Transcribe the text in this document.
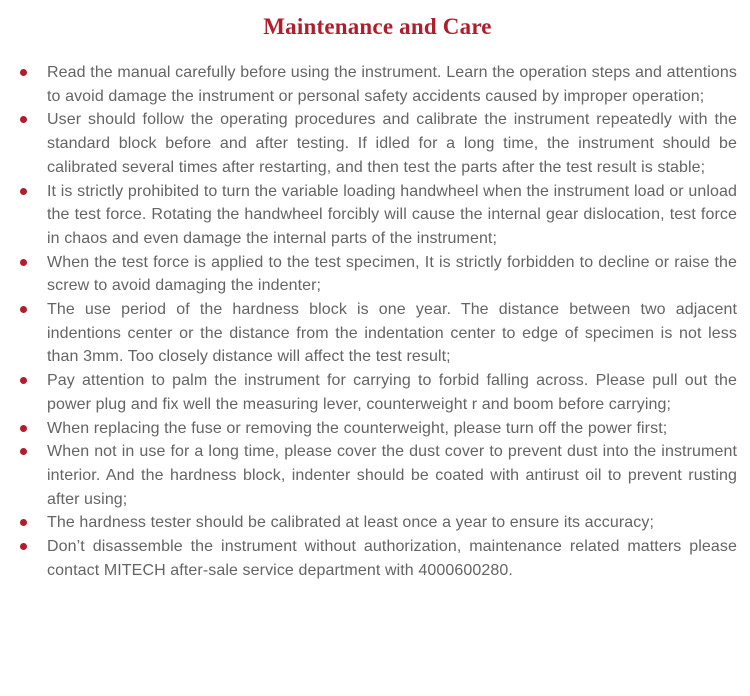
Maintenance and Care
Read the manual carefully before using the instrument. Learn the operation steps and attentions to avoid damage the instrument or personal safety accidents caused by improper operation;
User should follow the operating procedures and calibrate the instrument repeatedly with the standard block before and after testing. If idled for a long time, the instrument should be calibrated several times after restarting, and then test the parts after the test result is stable;
It is strictly prohibited to turn the variable loading handwheel when the instrument load or unload the test force. Rotating the handwheel forcibly will cause the internal gear dislocation, test force in chaos and even damage the internal parts of the instrument;
When the test force is applied to the test specimen, It is strictly forbidden to decline or raise the screw to avoid damaging the indenter;
The use period of the hardness block is one year. The distance between two adjacent indentions center or the distance from the indentation center to edge of specimen is not less than 3mm. Too closely distance will affect the test result;
Pay attention to palm the instrument for carrying to forbid falling across. Please pull out the power plug and fix well the measuring lever, counterweight r and boom before carrying;
When replacing the fuse or removing the counterweight, please turn off the power first;
When not in use for a long time, please cover the dust cover to prevent dust into the instrument interior. And the hardness block, indenter should be coated with antirust oil to prevent rusting after using;
The hardness tester should be calibrated at least once a year to ensure its accuracy;
Don’t disassemble the instrument without authorization, maintenance related matters please contact MITECH after-sale service department with 4000600280.
